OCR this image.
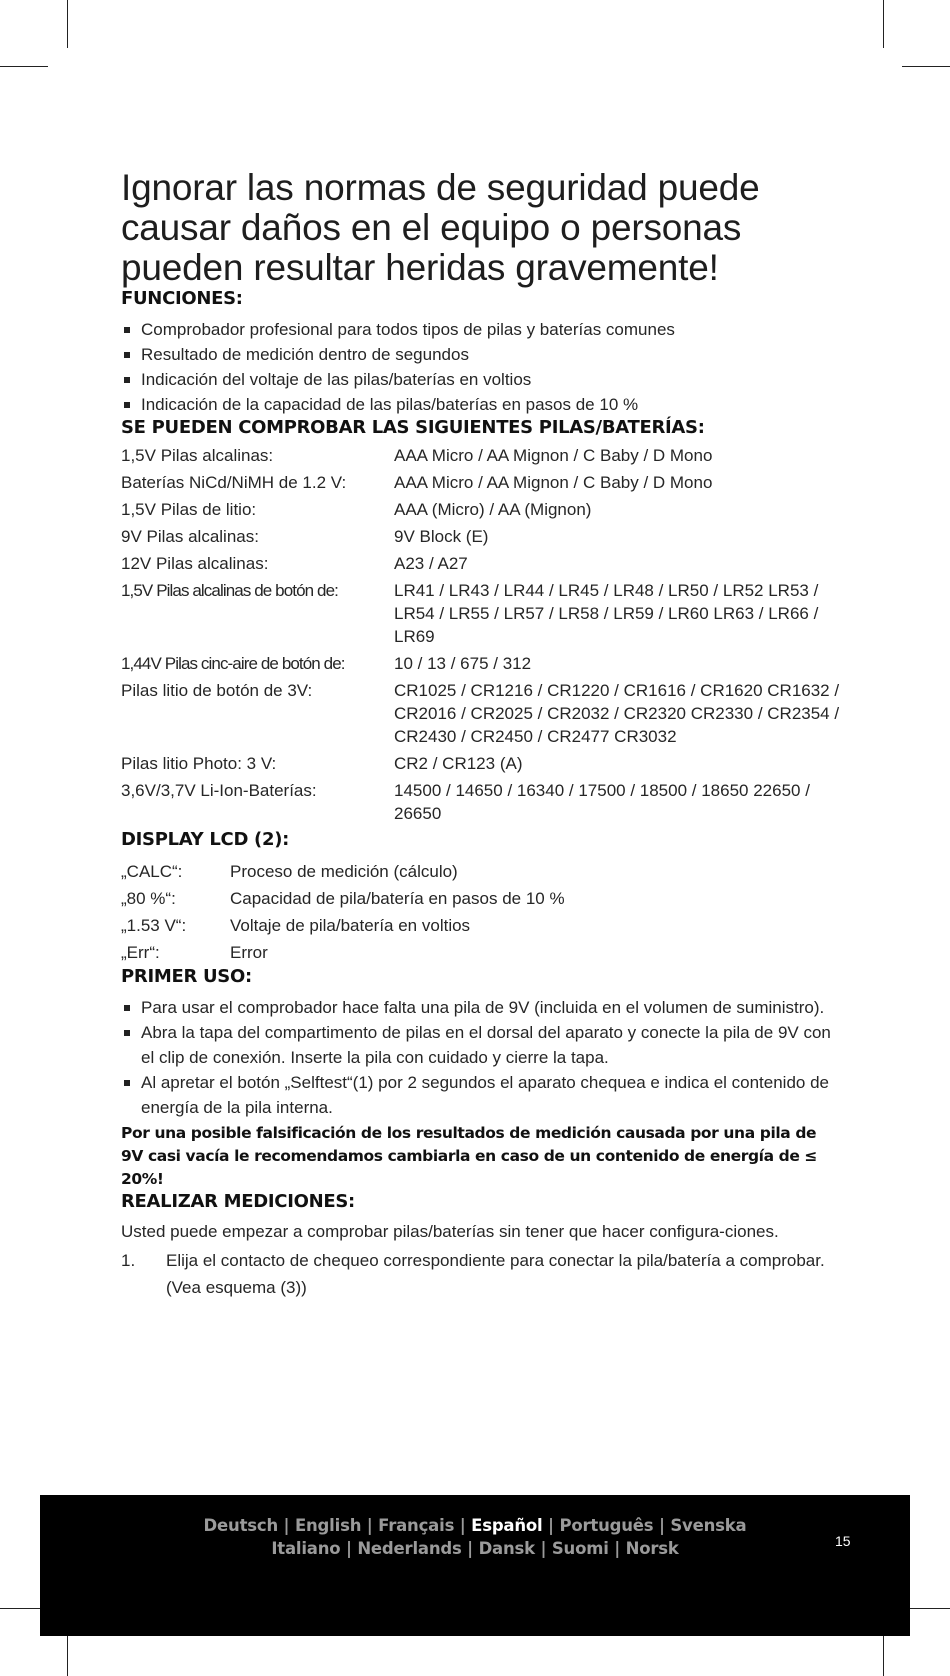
Ignorar las normas de seguridad puede causar daños en el equipo o personas pueden resultar heridas gravemente!
FUNCIONES:
Comprobador profesional para todos tipos de pilas y baterías comunes
Resultado de medición dentro de segundos
Indicación del voltaje de las pilas/baterías en voltios
Indicación de la capacidad de las pilas/baterías en pasos de 10 %
SE PUEDEN COMPROBAR LAS SIGUIENTES PILAS/BATERÍAS:
1,5V Pilas alcalinas:	AAA Micro / AA Mignon / C Baby / D Mono
Baterías NiCd/NiMH de 1.2 V:	AAA Micro / AA Mignon / C Baby / D Mono
1,5V Pilas de litio:	AAA (Micro) / AA (Mignon)
9V Pilas alcalinas:	9V Block (E)
12V Pilas alcalinas:	A23 / A27
1,5V Pilas alcalinas de botón de:	LR41 / LR43 / LR44 / LR45 / LR48 / LR50 / LR52 LR53 / LR54 / LR55 / LR57 / LR58 / LR59 / LR60 LR63 / LR66 / LR69
1,44V Pilas cinc-aire de botón de:	10 / 13 / 675 / 312
Pilas litio de botón de 3V:	CR1025 / CR1216 / CR1220 / CR1616 / CR1620 CR1632 / CR2016 / CR2025 / CR2032 / CR2320 CR2330 / CR2354 / CR2430 / CR2450 / CR2477 CR3032
Pilas litio Photo: 3 V:	CR2 / CR123 (A)
3,6V/3,7V Li-Ion-Baterías:	14500 / 14650 / 16340 / 17500 / 18500 / 18650 22650 / 26650
DISPLAY LCD (2):
„CALC“:	Proceso de medición (cálculo)
„80 %“:	Capacidad de pila/batería en pasos de 10 %
„1.53 V“:	Voltaje de pila/batería en voltios
„Err“:	Error
PRIMER USO:
Para usar el comprobador hace falta una pila de 9V (incluida en el volumen de suministro).
Abra la tapa del compartimento de pilas en el dorsal del aparato y conecte la pila de 9V con el clip de conexión. Inserte la pila con cuidado y cierre la tapa.
Al apretar el botón „Selftest“(1) por 2 segundos el aparato chequea e indica el contenido de energía de la pila interna.
Por una posible falsificación de los resultados de medición causada por una pila de 9V casi vacía le recomendamos cambiarla en caso de un contenido de energía de ≤ 20%!
REALIZAR MEDICIONES:
Usted puede empezar a comprobar pilas/baterías sin tener que hacer configura-ciones.
1.	Elija el contacto de chequeo correspondiente para conectar la pila/batería a comprobar. (Vea esquema (3))
Deutsch | English | Français | Español | Português | Svenska
Italiano | Nederlands | Dansk | Suomi | Norsk	15
